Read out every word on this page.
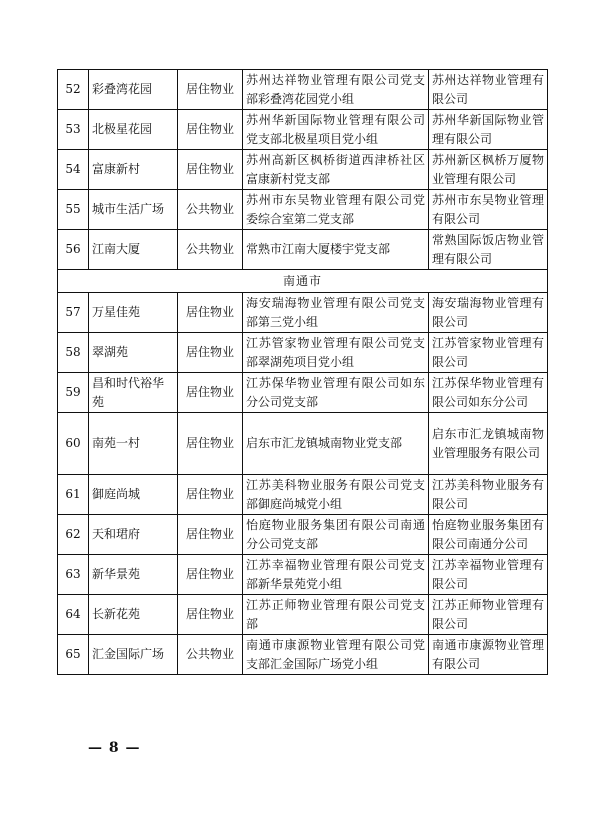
52	彩叠湾花园	居住物业	苏州达祥物业管理有限公司党支部彩叠湾花园党小组	苏州达祥物业管理有限公司
53	北极星花园	居住物业	苏州华新国际物业管理有限公司党支部北极星项目党小组	苏州华新国际物业管理有限公司
54	富康新村	居住物业	苏州高新区枫桥街道西津桥社区富康新村党支部	苏州新区枫桥万厦物业管理有限公司
55	城市生活广场	公共物业	苏州市东吴物业管理有限公司党委综合室第二党支部	苏州市东吴物业管理有限公司
56	江南大厦	公共物业	常熟市江南大厦楼宇党支部	常熟国际饭店物业管理有限公司
南通市				
57	万星佳苑	居住物业	海安瑞海物业管理有限公司党支部第三党小组	海安瑞海物业管理有限公司
58	翠湖苑	居住物业	江苏管家物业管理有限公司党支部翠湖苑项目党小组	江苏管家物业管理有限公司
59	昌和时代裕华苑	居住物业	江苏保华物业管理有限公司如东分公司党支部	江苏保华物业管理有限公司如东分公司
60	南苑一村	居住物业	启东市汇龙镇城南物业党支部	启东市汇龙镇城南物业管理服务有限公司
61	御庭尚城	居住物业	江苏美科物业服务有限公司党支部御庭尚城党小组	江苏美科物业服务有限公司
62	天和珺府	居住物业	怡庭物业服务集团有限公司南通分公司党支部	怡庭物业服务集团有限公司南通分公司
63	新华景苑	居住物业	江苏幸福物业管理有限公司党支部新华景苑党小组	江苏幸福物业管理有限公司
64	长新花苑	居住物业	江苏正师物业管理有限公司党支部	江苏正师物业管理有限公司
65	汇金国际广场	公共物业	南通市康源物业管理有限公司党支部汇金国际广场党小组	南通市康源物业管理有限公司
— 8 —
